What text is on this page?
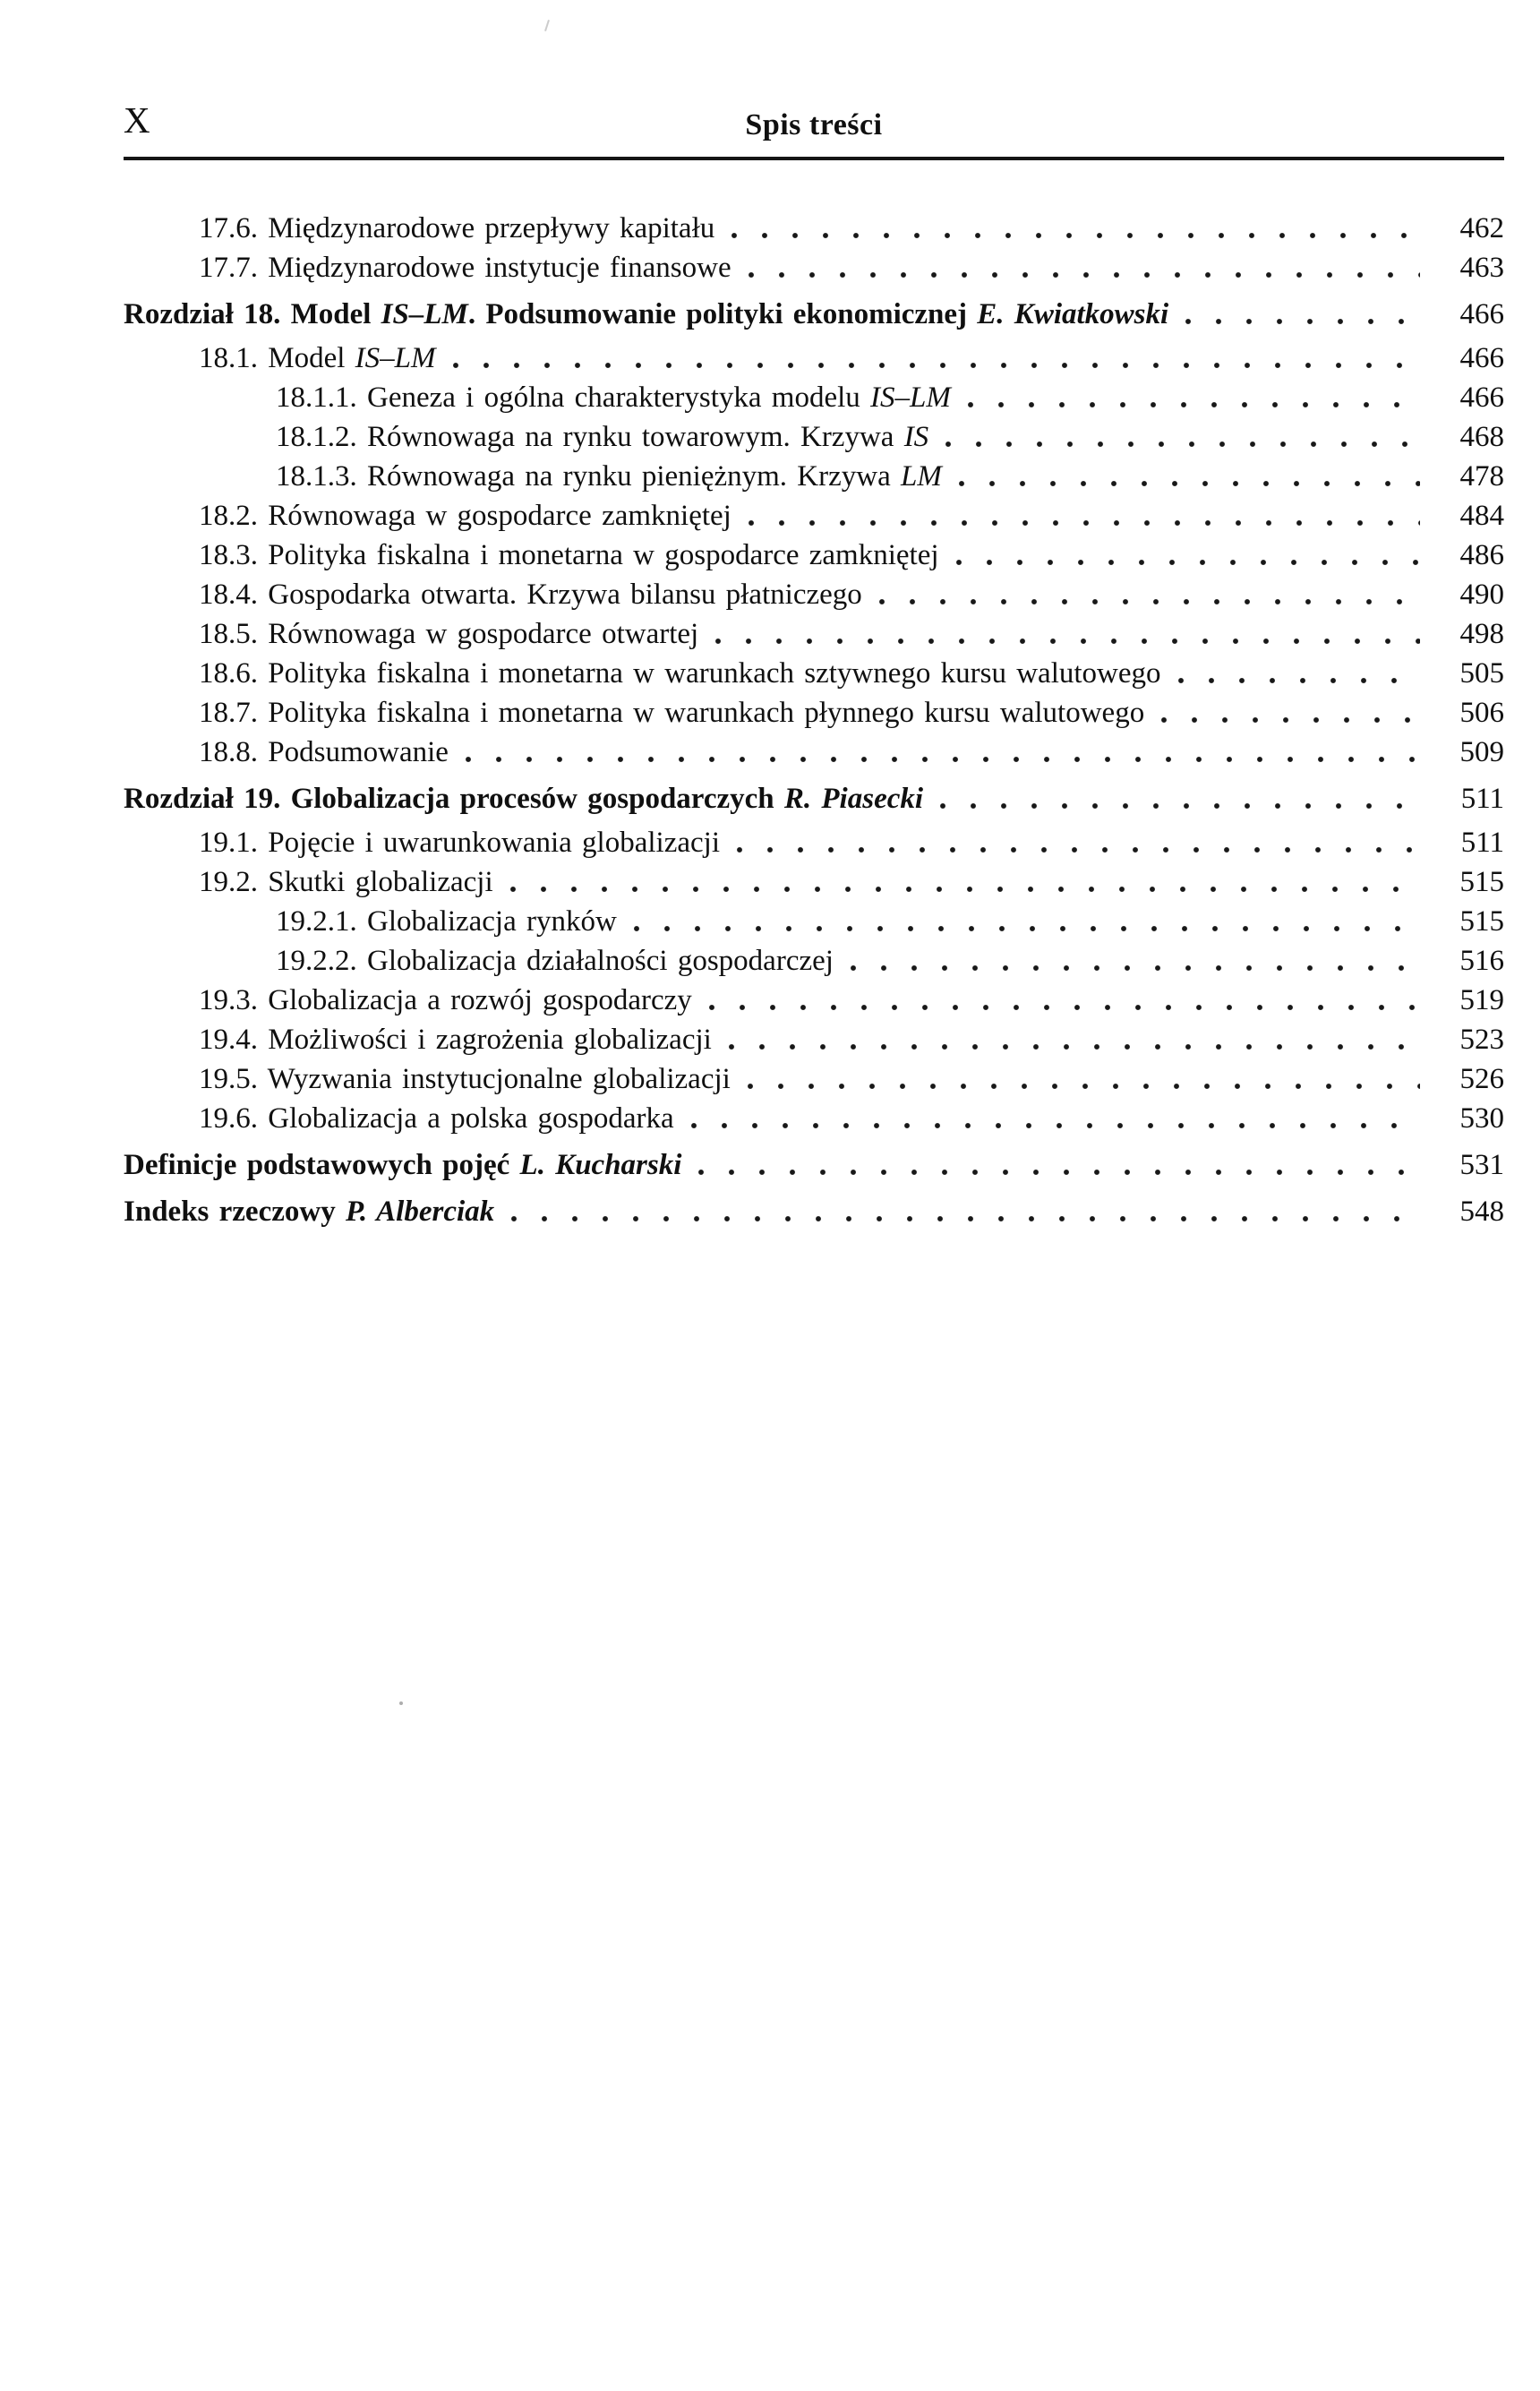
X	Spis treści
17.6. Międzynarodowe przepływy kapitału	462
17.7. Międzynarodowe instytucje finansowe	463
Rozdział 18. Model IS–LM. Podsumowanie polityki ekonomicznej E. Kwiatkowski	466
18.1. Model IS–LM	466
18.1.1. Geneza i ogólna charakterystyka modelu IS–LM	466
18.1.2. Równowaga na rynku towarowym. Krzywa IS	468
18.1.3. Równowaga na rynku pieniężnym. Krzywa LM	478
18.2. Równowaga w gospodarce zamkniętej	484
18.3. Polityka fiskalna i monetarna w gospodarce zamkniętej	486
18.4. Gospodarka otwarta. Krzywa bilansu płatniczego	490
18.5. Równowaga w gospodarce otwartej	498
18.6. Polityka fiskalna i monetarna w warunkach sztywnego kursu walutowego	505
18.7. Polityka fiskalna i monetarna w warunkach płynnego kursu walutowego	506
18.8. Podsumowanie	509
Rozdział 19. Globalizacja procesów gospodarczych R. Piasecki	511
19.1. Pojęcie i uwarunkowania globalizacji	511
19.2. Skutki globalizacji	515
19.2.1. Globalizacja rynków	515
19.2.2. Globalizacja działalności gospodarczej	516
19.3. Globalizacja a rozwój gospodarczy	519
19.4. Możliwości i zagrożenia globalizacji	523
19.5. Wyzwania instytucjonalne globalizacji	526
19.6. Globalizacja a polska gospodarka	530
Definicje podstawowych pojęć L. Kucharski	531
Indeks rzeczowy P. Alberciak	548
